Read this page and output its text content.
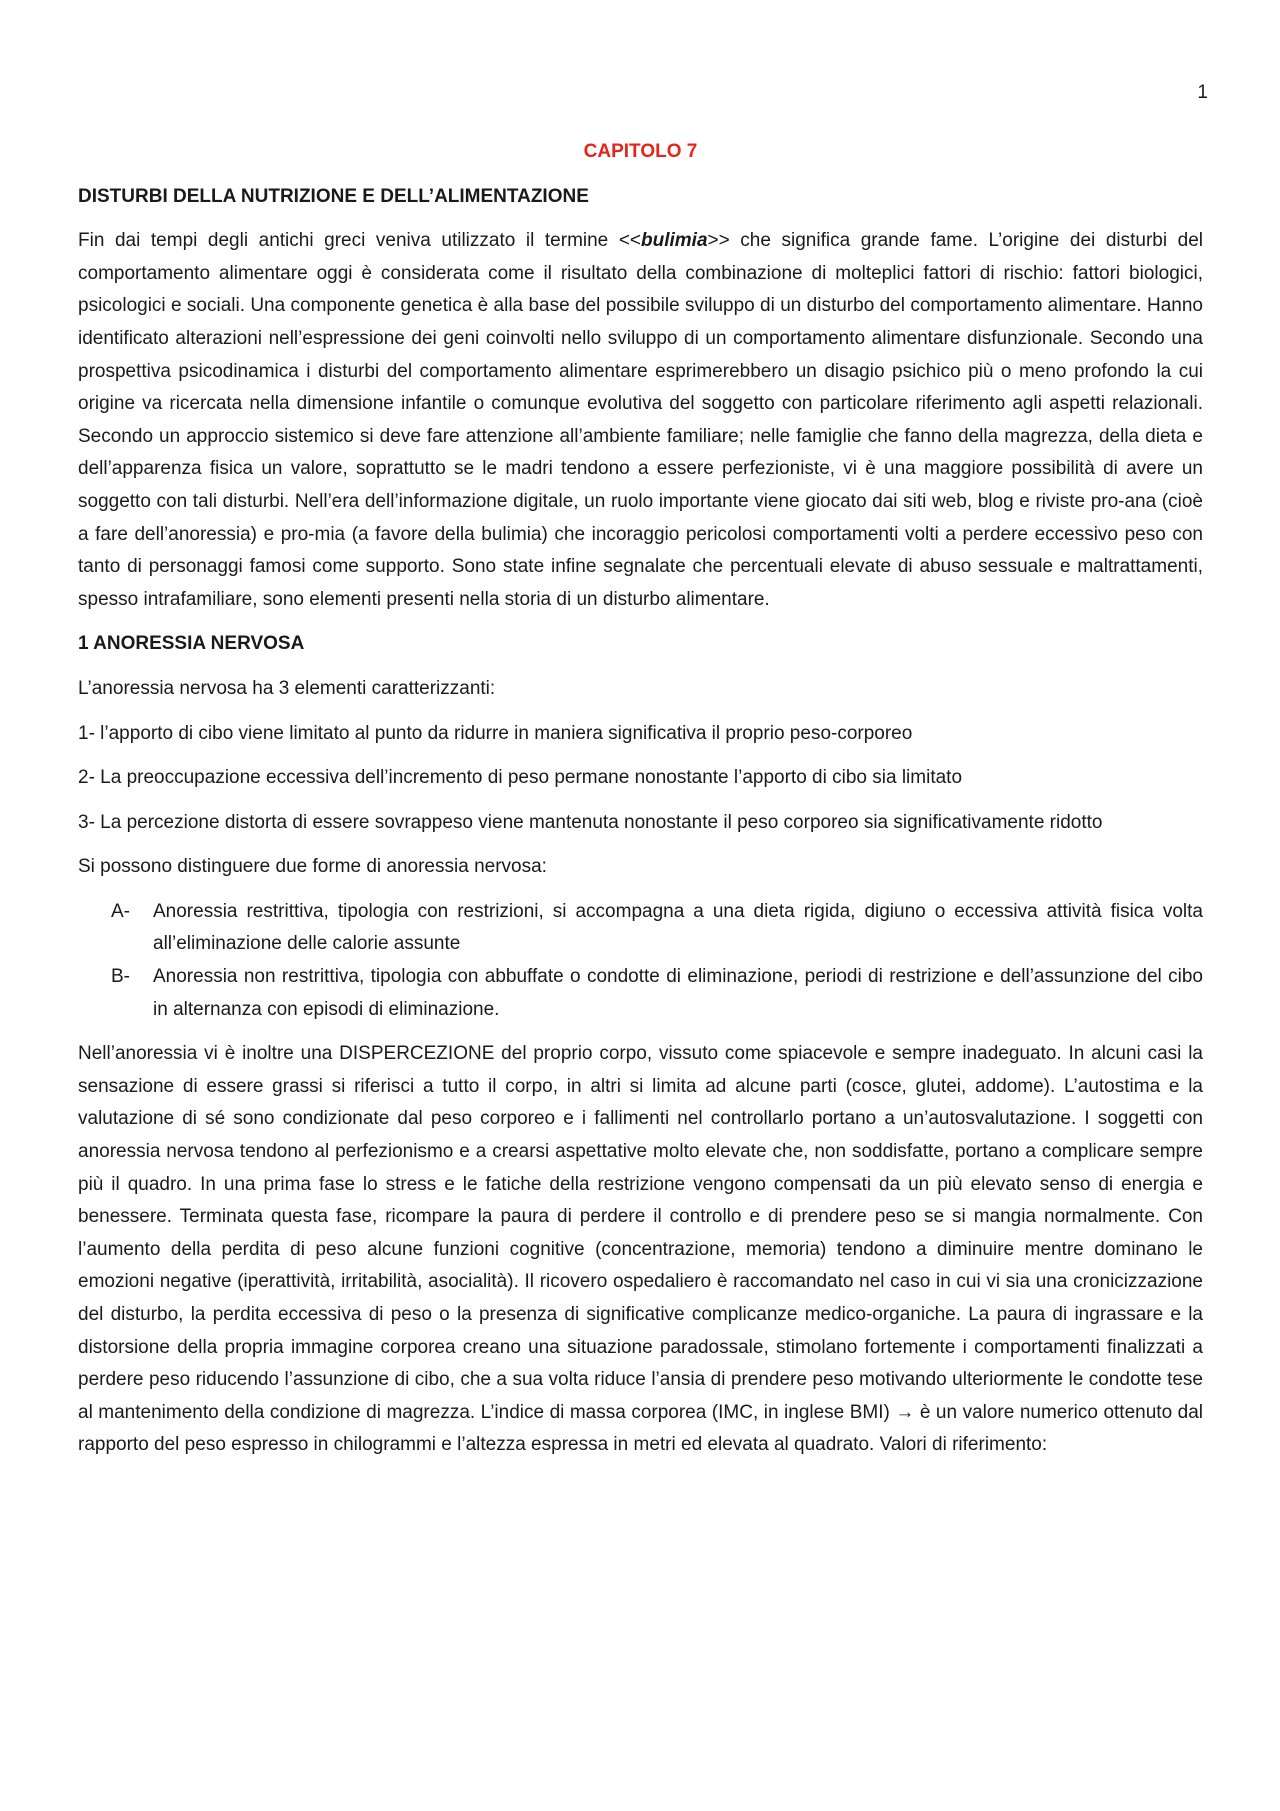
1
CAPITOLO 7
DISTURBI DELLA NUTRIZIONE E DELL’ALIMENTAZIONE

Fin dai tempi degli antichi greci veniva utilizzato il termine <<bulimia>> che significa grande fame. L’origine dei disturbi del comportamento alimentare oggi è considerata come il risultato della combinazione di molteplici fattori di rischio: fattori biologici, psicologici e sociali. Una componente genetica è alla base del possibile sviluppo di un disturbo del comportamento alimentare. Hanno identificato alterazioni nell’espressione dei geni coinvolti nello sviluppo di un comportamento alimentare disfunzionale. Secondo una prospettiva psicodinamica i disturbi del comportamento alimentare esprimerebbero un disagio psichico più o meno profondo la cui origine va ricercata nella dimensione infantile o comunque evolutiva del soggetto con particolare riferimento agli aspetti relazionali. Secondo un approccio sistemico si deve fare attenzione all’ambiente familiare; nelle famiglie che fanno della magrezza, della dieta e dell’apparenza fisica un valore, soprattutto se le madri tendono a essere perfezioniste, vi è una maggiore possibilità di avere un soggetto con tali disturbi. Nell’era dell’informazione digitale, un ruolo importante viene giocato dai siti web, blog e riviste pro-ana (cioè a fare dell’anoressia) e pro-mia (a favore della bulimia) che incoraggio pericolosi comportamenti volti a perdere eccessivo peso con tanto di personaggi famosi come supporto. Sono state infine segnalate che percentuali elevate di abuso sessuale e maltrattamenti, spesso intrafamiliare, sono elementi presenti nella storia di un disturbo alimentare.

1 ANORESSIA NERVOSA

L’anoressia nervosa ha 3 elementi caratterizzanti:

1- l’apporto di cibo viene limitato al punto da ridurre in maniera significativa il proprio peso-corporeo

2- La preoccupazione eccessiva dell’incremento di peso permane nonostante l’apporto di cibo sia limitato

3- La percezione distorta di essere sovrappeso viene mantenuta nonostante il peso corporeo sia significativamente ridotto

Si possono distinguere due forme di anoressia nervosa:

A-	Anoressia restrittiva, tipologia con restrizioni, si accompagna a una dieta rigida, digiuno o eccessiva attività fisica volta all’eliminazione delle calorie assunte
B-	Anoressia non restrittiva, tipologia con abbuffate o condotte di eliminazione, periodi di restrizione e dell’assunzione del cibo in alternanza con episodi di eliminazione.

Nell’anoressia vi è inoltre una DISPERCEZIONE del proprio corpo, vissuto come spiacevole e sempre inadeguato. In alcuni casi la sensazione di essere grassi si riferisci a tutto il corpo, in altri si limita ad alcune parti (cosce, glutei, addome). L’autostima e la valutazione di sé sono condizionate dal peso corporeo e i fallimenti nel controllarlo portano a un’autosvalutazione. I soggetti con anoressia nervosa tendono al perfezionismo e a crearsi aspettative molto elevate che, non soddisfatte, portano a complicare sempre più il quadro. In una prima fase lo stress e le fatiche della restrizione vengono compensati da un più elevato senso di energia e benessere. Terminata questa fase, ricompare la paura di perdere il controllo e di prendere peso se si mangia normalmente. Con l’aumento della perdita di peso alcune funzioni cognitive (concentrazione, memoria) tendono a diminuire mentre dominano le emozioni negative (iperattività, irritabilità, asocialità). Il ricovero ospedaliero è raccomandato nel caso in cui vi sia una cronicizzazione del disturbo, la perdita eccessiva di peso o la presenza di significative complicanze medico-organiche. La paura di ingrassare e la distorsione della propria immagine corporea creano una situazione paradossale, stimolano fortemente i comportamenti finalizzati a perdere peso riducendo l’assunzione di cibo, che a sua volta riduce l’ansia di prendere peso motivando ulteriormente le condotte tese al mantenimento della condizione di magrezza. L’indice di massa corporea (IMC, in inglese BMI) → è un valore numerico ottenuto dal rapporto del peso espresso in chilogrammi e l’altezza espressa in metri ed elevata al quadrato. Valori di riferimento:
